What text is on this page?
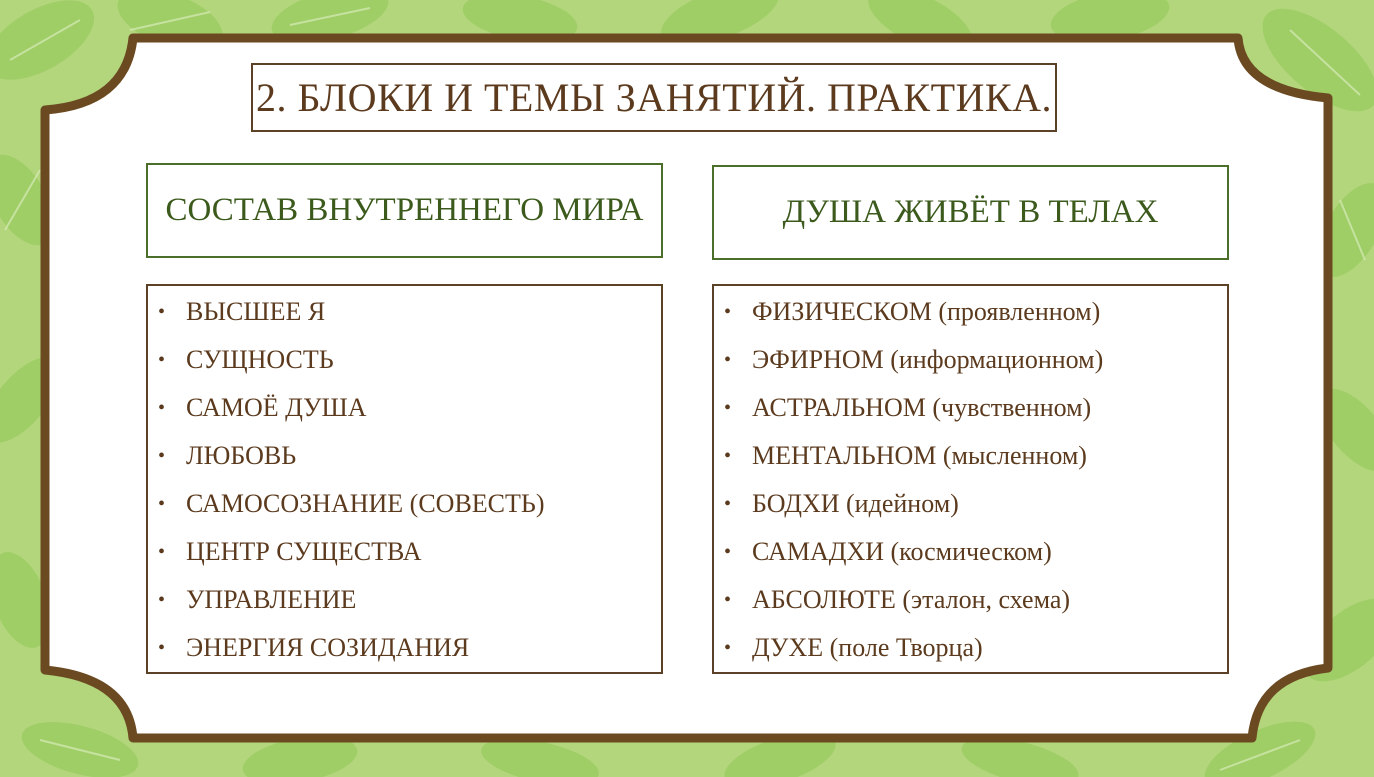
2. БЛОКИ И ТЕМЫ ЗАНЯТИЙ. ПРАКТИКА.
СОСТАВ ВНУТРЕННЕГО МИРА	ДУША ЖИВЁТ В ТЕЛАХ
• ВЫСШЕЕ Я
• СУЩНОСТЬ
• САМОЁ ДУША
• ЛЮБОВЬ
• САМОСОЗНАНИЕ (СОВЕСТЬ)
• ЦЕНТР СУЩЕСТВА
• УПРАВЛЕНИЕ
• ЭНЕРГИЯ СОЗИДАНИЯ
• ФИЗИЧЕСКОМ (проявленном)
• ЭФИРНОМ (информационном)
• АСТРАЛЬНОМ (чувственном)
• МЕНТАЛЬНОМ (мысленном)
• БОДХИ (идейном)
• САМАДХИ (космическом)
• АБСОЛЮТЕ (эталон, схема)
• ДУХЕ (поле Творца)
